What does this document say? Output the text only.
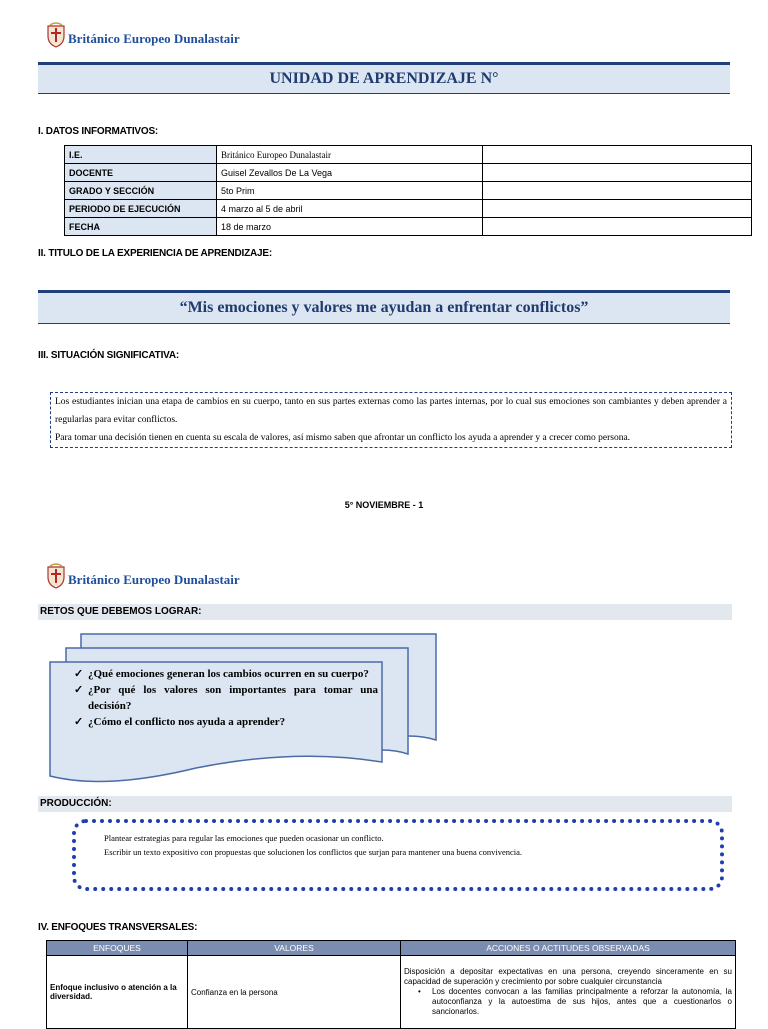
Británico Europeo Dunalastair
UNIDAD DE APRENDIZAJE N°
I. DATOS INFORMATIVOS:
I.E.	Británico Europeo Dunalastair	
DOCENTE	Guisel Zevallos De La Vega	
GRADO Y SECCIÓN	5to Prim	
PERIODO DE EJECUCIÓN	4 marzo al 5 de abril	
FECHA	18 de marzo	
II. TITULO DE LA EXPERIENCIA DE APRENDIZAJE:
“Mis emociones y valores me ayudan a enfrentar conflictos”
III. SITUACIÓN SIGNIFICATIVA:
Los estudiantes inician una etapa de cambios en su cuerpo, tanto en sus partes externas como las partes internas, por lo cual sus emociones son cambiantes y deben aprender a regularlas para evitar conflictos.
Para tomar una decisión tienen en cuenta su escala de valores, así mismo saben que afrontar un conflicto los ayuda a aprender y a crecer como persona.
5° NOVIEMBRE - 1
Británico Europeo Dunalastair
RETOS QUE DEBEMOS LOGRAR:
✓ ¿Qué emociones generan los cambios ocurren en su cuerpo?
✓ ¿Por qué los valores son importantes para tomar una decisión?
✓ ¿Cómo el conflicto nos ayuda a aprender?
PRODUCCIÓN:
Plantear estrategias para regular las emociones que pueden ocasionar un conflicto.
Escribir un texto expositivo con propuestas que solucionen los conflictos que surjan para mantener una buena convivencia.
IV. ENFOQUES TRANSVERSALES:
ENFOQUES	VALORES	ACCIONES O ACTITUDES OBSERVADAS
Enfoque inclusivo o atención a la diversidad.	Confianza en la persona	Disposición a depositar expectativas en una persona, creyendo sinceramente en su capacidad de superación y crecimiento por sobre cualquier circunstancia
• Los docentes convocan a las familias principalmente a reforzar la autonomía, la autoconfianza y la autoestima de sus hijos, antes que a cuestionarlos o sancionarlos.
